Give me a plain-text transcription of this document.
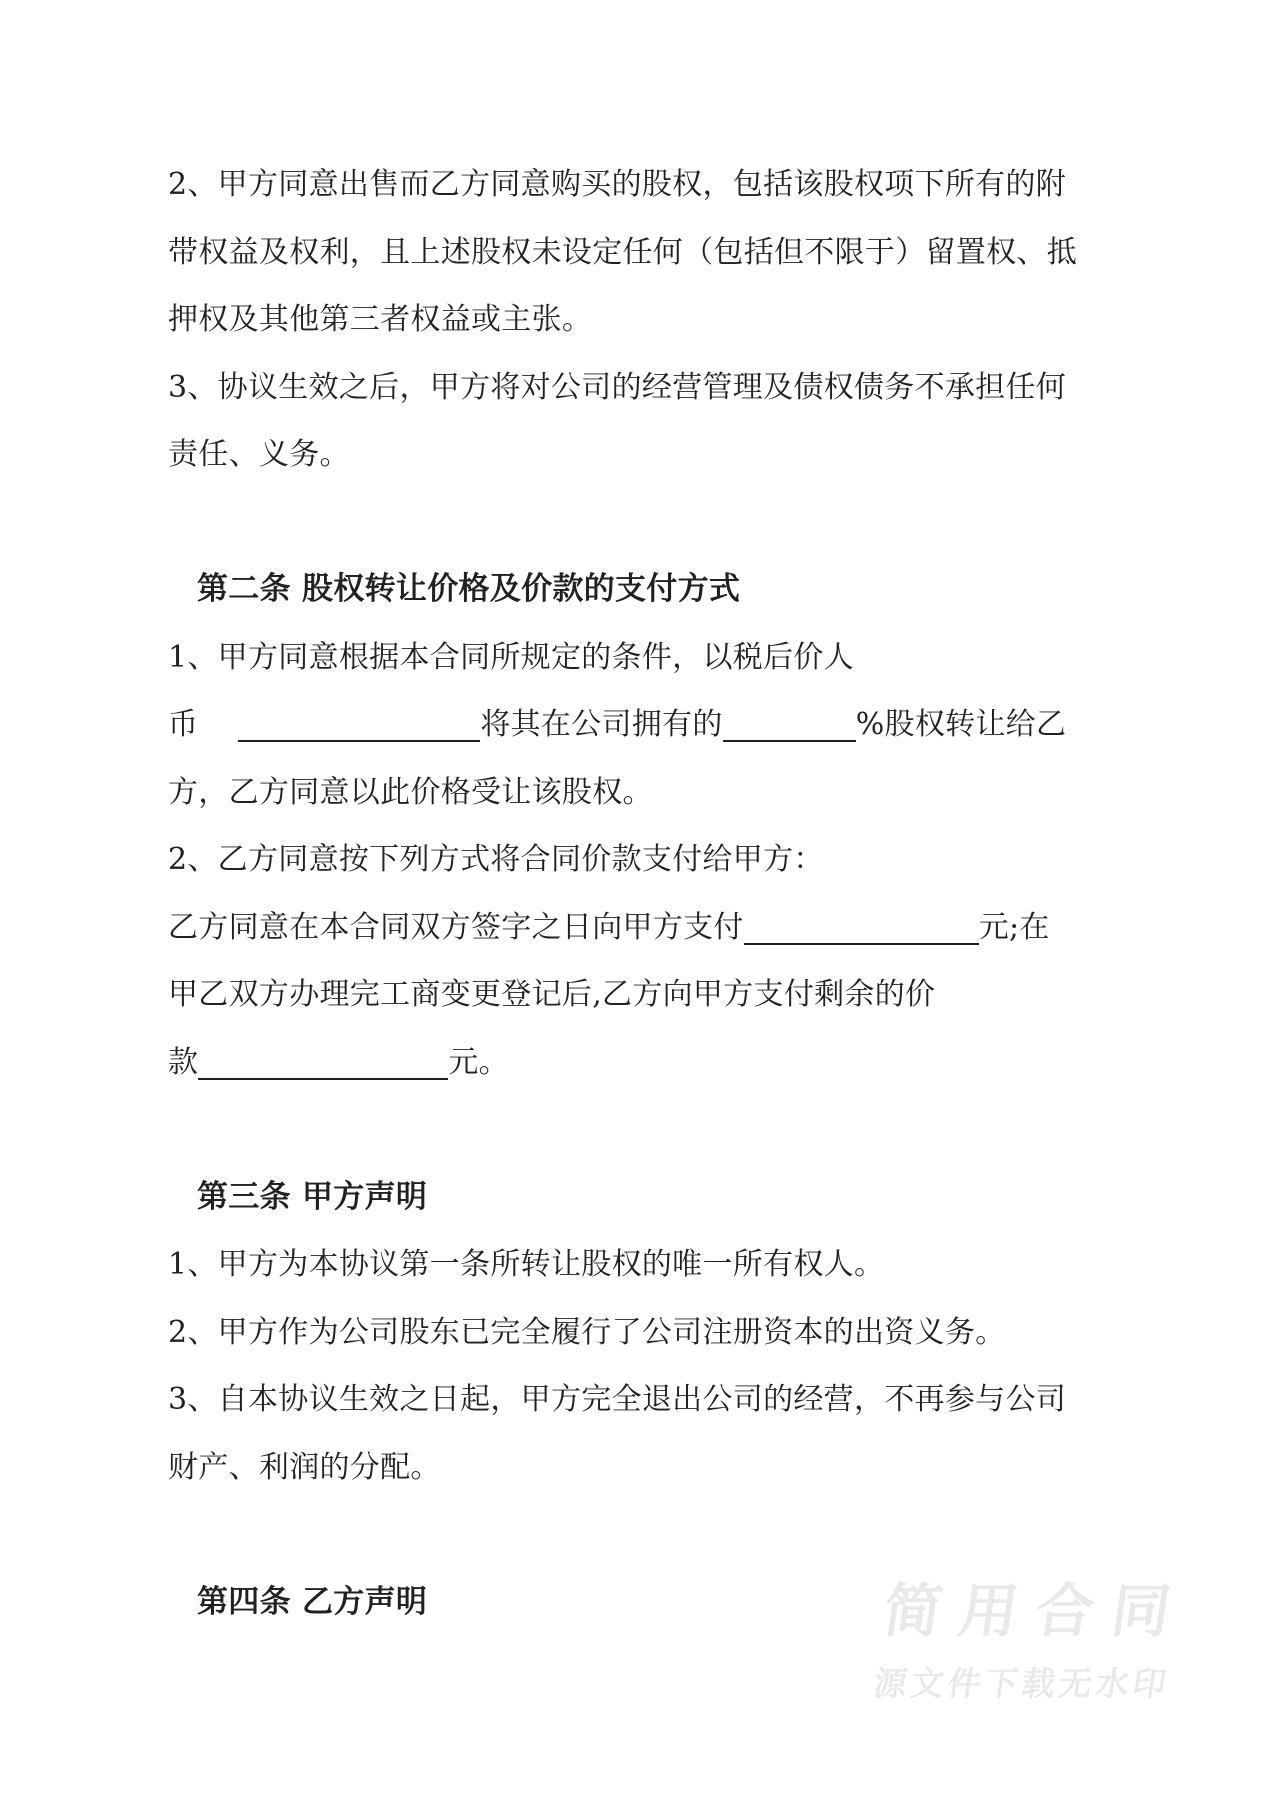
2、甲方同意出售而乙方同意购买的股权，包括该股权项下所有的附
带权益及权利，且上述股权未设定任何（包括但不限于）留置权、抵
押权及其他第三者权益或主张。
3、协议生效之后，甲方将对公司的经营管理及债权债务不承担任何
责任、义务。
第二条 股权转让价格及价款的支付方式
1、甲方同意根据本合同所规定的条件，以税后价人
币	将其在公司拥有的	%股权转让给乙
方，乙方同意以此价格受让该股权。
2、乙方同意按下列方式将合同价款支付给甲方：
乙方同意在本合同双方签字之日向甲方支付	元;在
甲乙双方办理完工商变更登记后,乙方向甲方支付剩余的价
款	元。
第三条 甲方声明
1、甲方为本协议第一条所转让股权的唯一所有权人。
2、甲方作为公司股东已完全履行了公司注册资本的出资义务。
3、自本协议生效之日起，甲方完全退出公司的经营，不再参与公司
财产、利润的分配。
第四条 乙方声明	简用合同
源文件下载无水印
